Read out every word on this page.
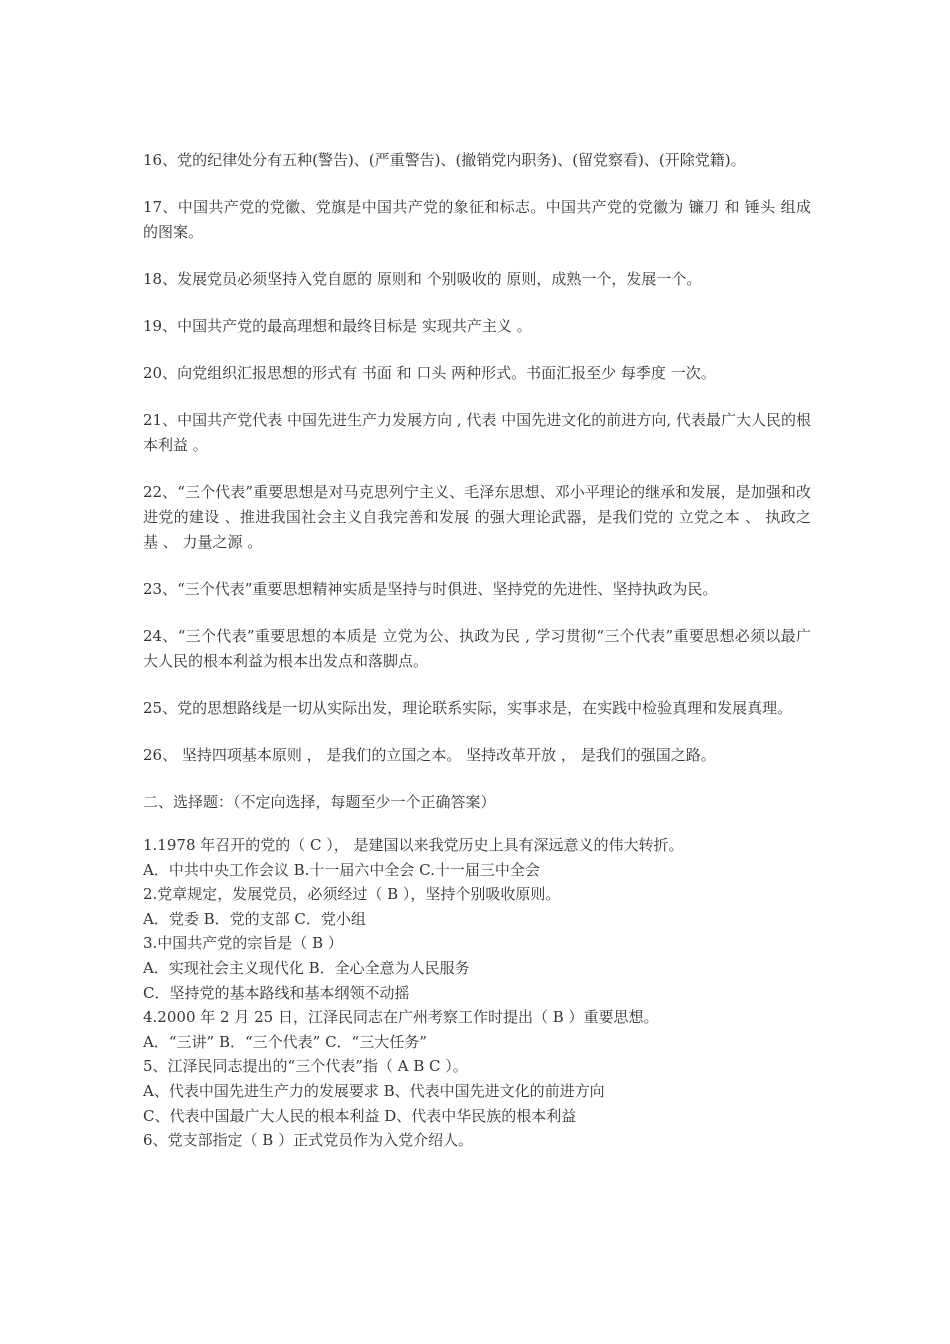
16、党的纪律处分有五种(警告)、(严重警告)、(撤销党内职务)、(留党察看)、(开除党籍)。

17、中国共产党的党徽、党旗是中国共产党的象征和标志。中国共产党的党徽为 镰刀 和 锤头 组成的图案。

18、发展党员必须坚持入党自愿的 原则和 个别吸收的 原则，成熟一个，发展一个。

19、中国共产党的最高理想和最终目标是 实现共产主义 。

20、向党组织汇报思想的形式有 书面 和 口头 两种形式。书面汇报至少 每季度 一次。

21、中国共产党代表 中国先进生产力发展方向 , 代表 中国先进文化的前进方向, 代表最广大人民的根本利益 。

22、“三个代表”重要思想是对马克思列宁主义、毛泽东思想、邓小平理论的继承和发展，是加强和改进党的建设 、推进我国社会主义自我完善和发展 的强大理论武器，是我们党的 立党之本 、 执政之基 、 力量之源 。

23、“三个代表”重要思想精神实质是坚持与时俱进、坚持党的先进性、坚持执政为民。

24、“三个代表”重要思想的本质是 立党为公、执政为民 , 学习贯彻“三个代表”重要思想必须以最广大人民的根本利益为根本出发点和落脚点。

25、党的思想路线是一切从实际出发，理论联系实际，实事求是，在实践中检验真理和发展真理。

26、 坚持四项基本原则 ， 是我们的立国之本。 坚持改革开放 ， 是我们的强国之路。

二、选择题：（不定向选择，每题至少一个正确答案）

1.1978 年召开的党的（ C ）， 是建国以来我党历史上具有深远意义的伟大转折。

A．中共中央工作会议 B.十一届六中全会 C.十一届三中全会

2.党章规定，发展党员，必须经过（ B ），坚持个别吸收原则。

A．党委 B．党的支部 C．党小组

3.中国共产党的宗旨是（ B ）

A．实现社会主义现代化 B．全心全意为人民服务

C．坚持党的基本路线和基本纲领不动摇

4.2000 年 2 月 25 日，江泽民同志在广州考察工作时提出（ B ）重要思想。

A．“三讲” B．“三个代表” C．“三大任务”

5、江泽民同志提出的“三个代表”指（ A B C ）。

A、代表中国先进生产力的发展要求 B、代表中国先进文化的前进方向

C、代表中国最广大人民的根本利益 D、代表中华民族的根本利益

6、党支部指定（ B ）正式党员作为入党介绍人。
